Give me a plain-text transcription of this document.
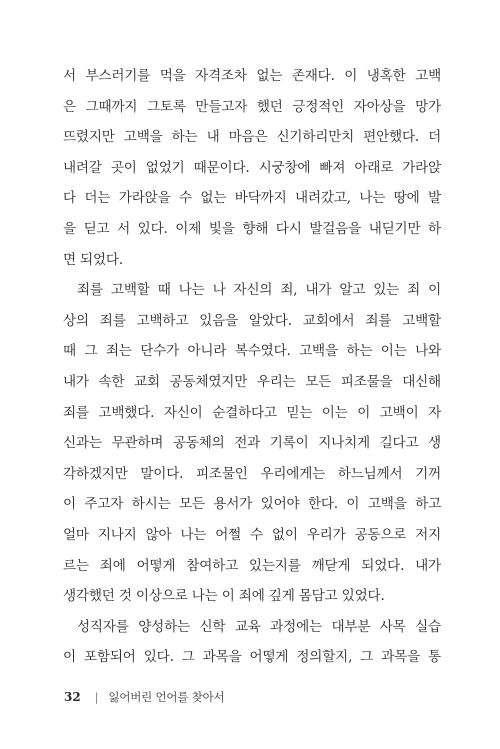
서 부스러기를 먹을 자격조차 없는 존재다. 이 냉혹한 고백
은 그때까지 그토록 만들고자 했던 긍정적인 자아상을 망가
뜨렸지만 고백을 하는 내 마음은 신기하리만치 편안했다. 더
내려갈 곳이 없었기 때문이다. 시궁창에 빠져 아래로 가라앉
다 더는 가라앉을 수 없는 바닥까지 내려갔고, 나는 땅에 발
을 딛고 서 있다. 이제 빛을 향해 다시 발걸음을 내딛기만 하
면 되었다.
죄를 고백할 때 나는 나 자신의 죄, 내가 알고 있는 죄 이
상의 죄를 고백하고 있음을 알았다. 교회에서 죄를 고백할
때 그 죄는 단수가 아니라 복수였다. 고백을 하는 이는 나와
내가 속한 교회 공동체였지만 우리는 모든 피조물을 대신해
죄를 고백했다. 자신이 순결하다고 믿는 이는 이 고백이 자
신과는 무관하며 공동체의 전과 기록이 지나치게 길다고 생
각하겠지만 말이다. 피조물인 우리에게는 하느님께서 기꺼
이 주고자 하시는 모든 용서가 있어야 한다. 이 고백을 하고
얼마 지나지 않아 나는 어쩔 수 없이 우리가 공동으로 저지
르는 죄에 어떻게 참여하고 있는지를 깨닫게 되었다. 내가
생각했던 것 이상으로 나는 이 죄에 깊게 몸담고 있었다.
성직자를 양성하는 신학 교육 과정에는 대부분 사목 실습
이 포함되어 있다. 그 과목을 어떻게 정의할지, 그 과목을 통
32 | 잃어버린 언어를 찾아서
